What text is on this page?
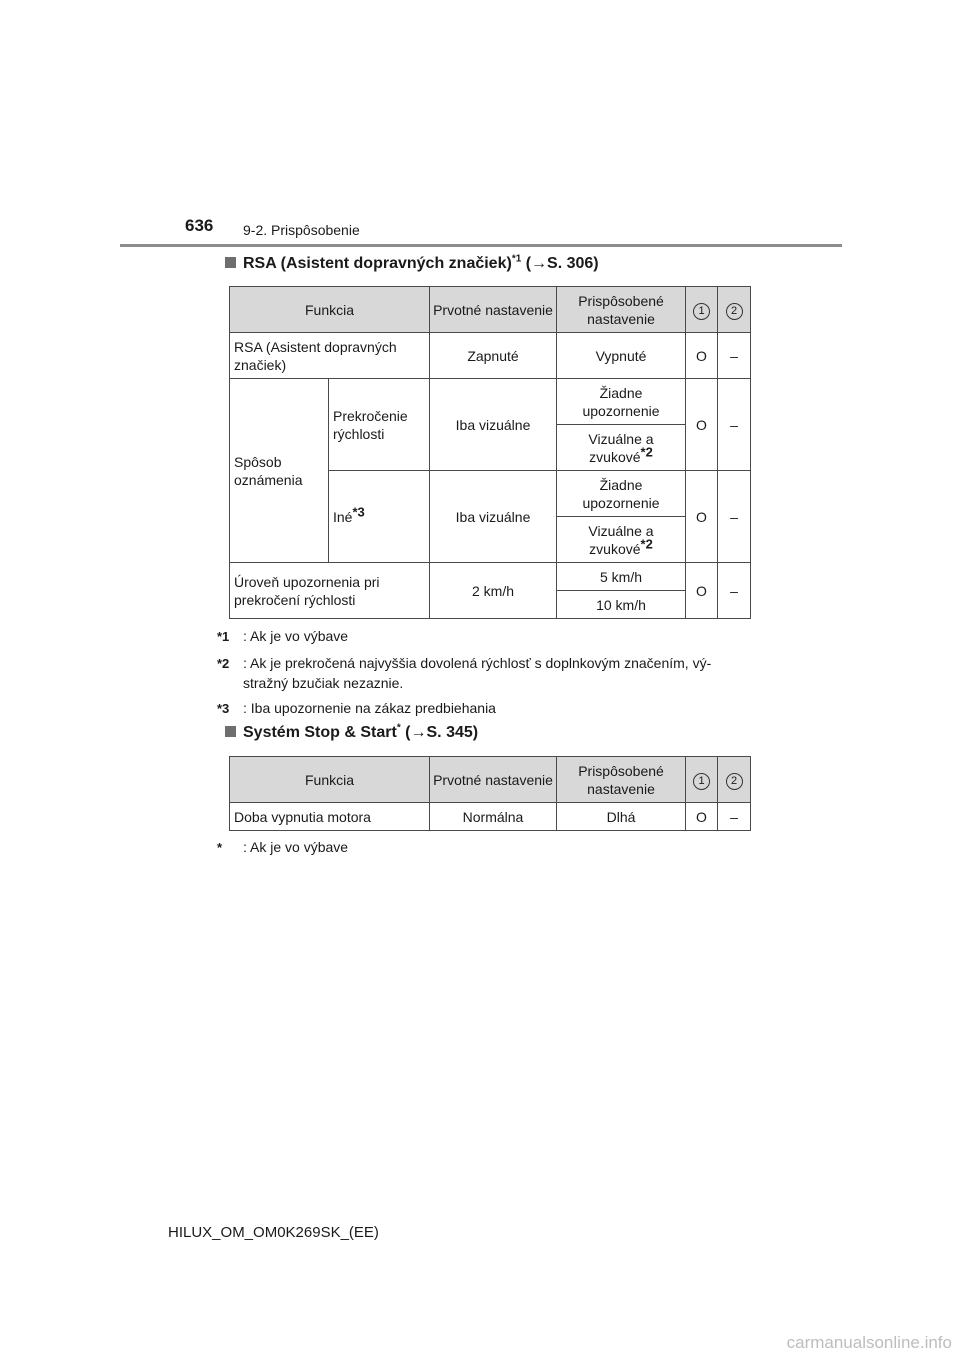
636 9-2. Prispôsobenie
RSA (Asistent dopravných značiek)$^{*1}$ (→S. 306)
Funkcia		Prvotné nastavenie	Prispôsobené nastavenie	1	2
RSA (Asistent dopravných značiek)		Zapnuté	Vypnuté	O	–
Spôsob oznámenia	Prekročenie rýchlosti	Iba vizuálne	Žiadne upozornenie	O	–
			Vizuálne a zvukové$^{*2}$
	Iné$^{*3}$	Iba vizuálne	Žiadne upozornenie	O	–
			Vizuálne a zvukové$^{*2}$
Úroveň upozornenia pri prekročení rýchlosti		2 km/h	5 km/h	O	–
			10 km/h		
*1 : Ak je vo výbave
*2 : Ak je prekročená najvyššia dovolená rýchlosť s doplnkovým značením, vý-stražný bzučiak nezaznie.
*3 : Iba upozornenie na zákaz predbiehania
Systém Stop & Start* (→S. 345)
Funkcia	Prvotné nastavenie	Prispôsobené nastavenie	1	2
Doba vypnutia motora	Normálna	Dlhá	O	–
* : Ak je vo výbave
HILUX_OM_OM0K269SK_(EE)
carmanualsonline.info
